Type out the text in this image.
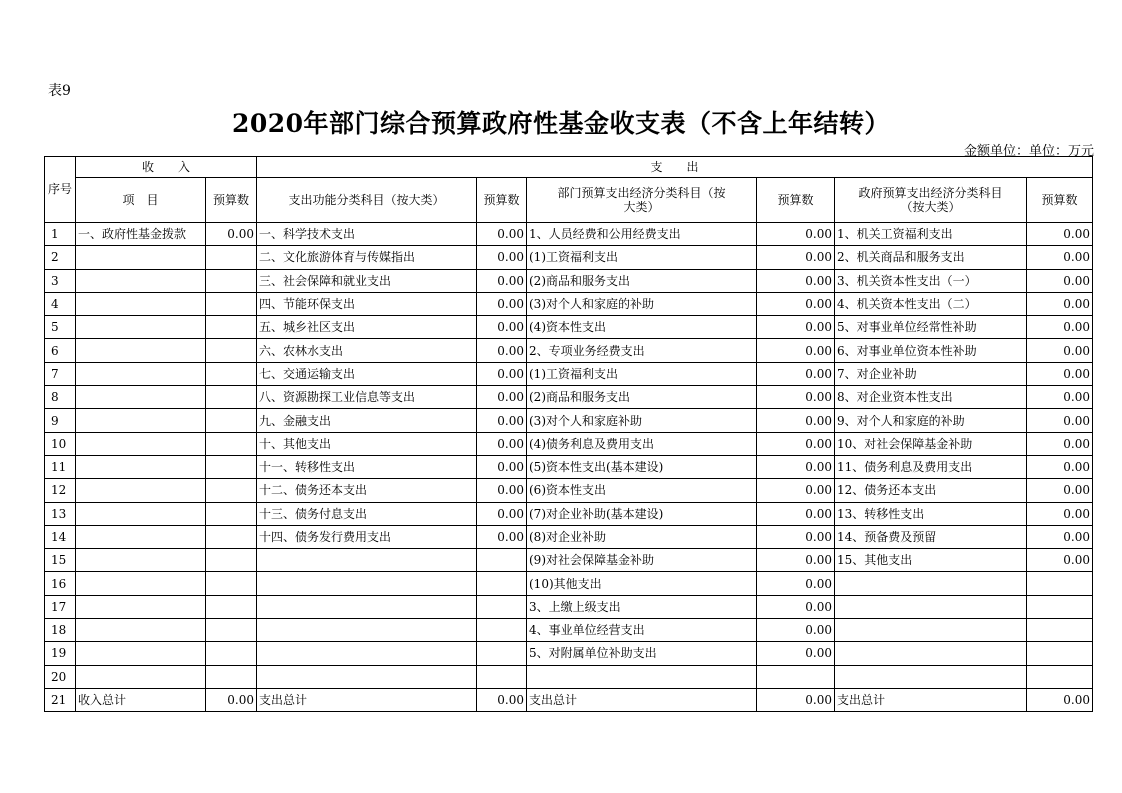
表9
2020年部门综合预算政府性基金收支表（不含上年结转）
金额单位：单位：万元
序号	收　　入		支　　出					
	项　目	预算数	支出功能分类科目（按大类）	预算数	部门预算支出经济分类科目（按大类）	预算数	政府预算支出经济分类科目（按大类）	预算数
1	一、政府性基金拨款	0.00	一、科学技术支出	0.00	1、人员经费和公用经费支出	0.00	1、机关工资福利支出	0.00
2			二、文化旅游体育与传媒指出	0.00	(1)工资福利支出	0.00	2、机关商品和服务支出	0.00
3			三、社会保障和就业支出	0.00	(2)商品和服务支出	0.00	3、机关资本性支出（一）	0.00
4			四、节能环保支出	0.00	(3)对个人和家庭的补助	0.00	4、机关资本性支出（二）	0.00
5			五、城乡社区支出	0.00	(4)资本性支出	0.00	5、对事业单位经常性补助	0.00
6			六、农林水支出	0.00	2、专项业务经费支出	0.00	6、对事业单位资本性补助	0.00
7			七、交通运输支出	0.00	(1)工资福利支出	0.00	7、对企业补助	0.00
8			八、资源勘探工业信息等支出	0.00	(2)商品和服务支出	0.00	8、对企业资本性支出	0.00
9			九、金融支出	0.00	(3)对个人和家庭补助	0.00	9、对个人和家庭的补助	0.00
10			十、其他支出	0.00	(4)债务利息及费用支出	0.00	10、对社会保障基金补助	0.00
11			十一、转移性支出	0.00	(5)资本性支出(基本建设)	0.00	11、债务利息及费用支出	0.00
12			十二、债务还本支出	0.00	(6)资本性支出	0.00	12、债务还本支出	0.00
13			十三、债务付息支出	0.00	(7)对企业补助(基本建设)	0.00	13、转移性支出	0.00
14			十四、债务发行费用支出	0.00	(8)对企业补助	0.00	14、预备费及预留	0.00
15					(9)对社会保障基金补助	0.00	15、其他支出	0.00
16					(10)其他支出	0.00		
17					3、上缴上级支出	0.00		
18					4、事业单位经营支出	0.00		
19					5、对附属单位补助支出	0.00		
20								
21	收入总计	0.00	支出总计	0.00	支出总计	0.00	支出总计	0.00
